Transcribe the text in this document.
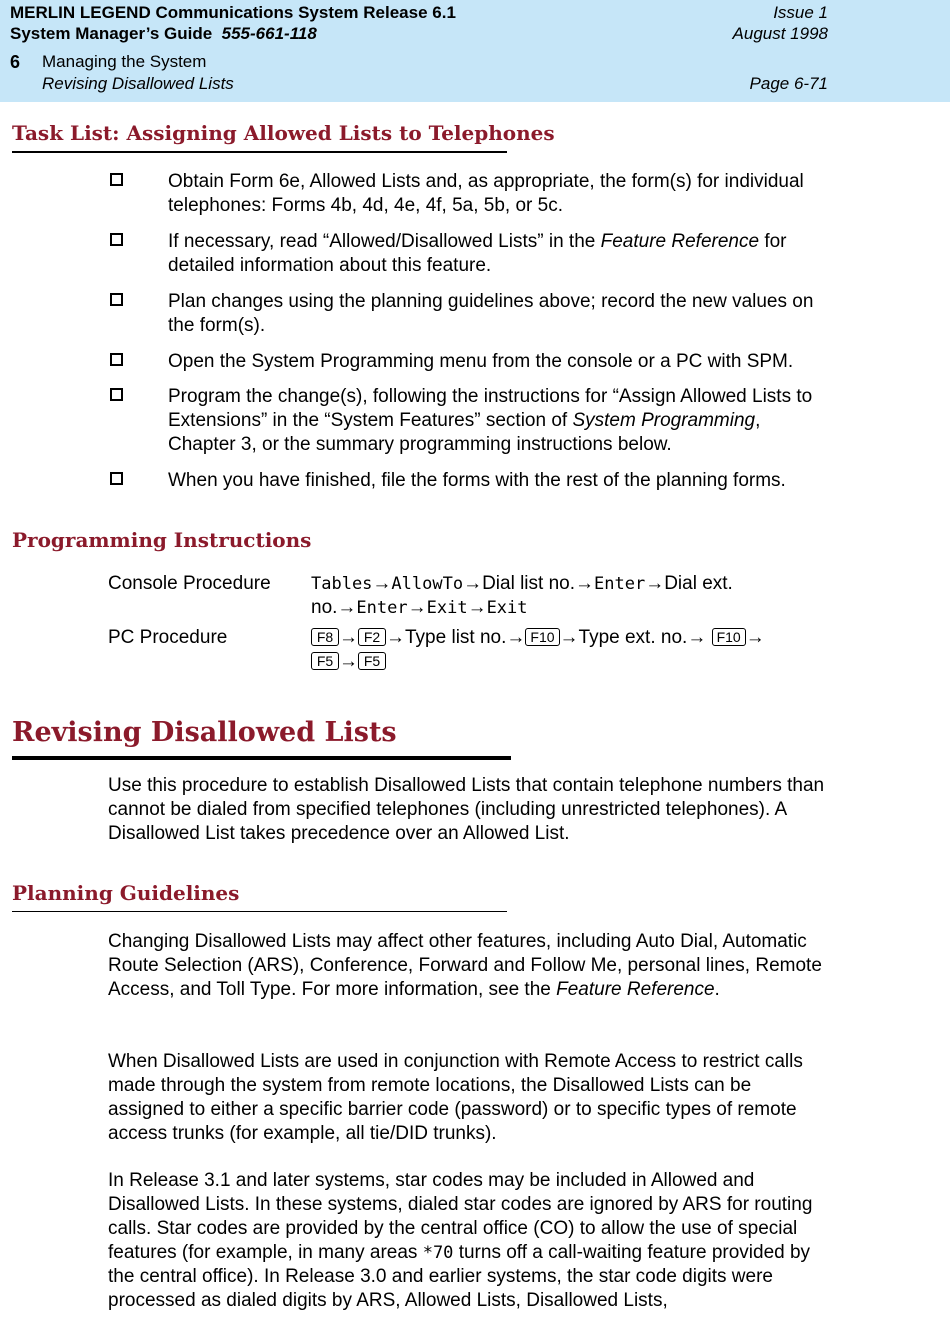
MERLIN LEGEND Communications System Release 6.1
System Manager’s Guide 555-661-118
Issue 1
August 1998
6 Managing the System
Revising Disallowed Lists	Page 6-71
Task List: Assigning Allowed Lists to Telephones
Obtain Form 6e, Allowed Lists and, as appropriate, the form(s) for individual telephones: Forms 4b, 4d, 4e, 4f, 5a, 5b, or 5c.
If necessary, read “Allowed/Disallowed Lists” in the Feature Reference for detailed information about this feature.
Plan changes using the planning guidelines above; record the new values on the form(s).
Open the System Programming menu from the console or a PC with SPM.
Program the change(s), following the instructions for “Assign Allowed Lists to Extensions” in the “System Features” section of System Programming, Chapter 3, or the summary programming instructions below.
When you have finished, file the forms with the rest of the planning forms.
Programming Instructions
Console Procedure Tables→AllowTo→Dial list no.→Enter→Dial ext.
no.→Enter→Exit→Exit
PC Procedure	F8 → F2 →Type list no.→ F10 →Type ext. no.→ F10 →
F5 → F5
Revising Disallowed Lists
Use this procedure to establish Disallowed Lists that contain telephone numbers than cannot be dialed from specified telephones (including unrestricted telephones). A Disallowed List takes precedence over an Allowed List.
Planning Guidelines
Changing Disallowed Lists may affect other features, including Auto Dial, Automatic Route Selection (ARS), Conference, Forward and Follow Me, personal lines, Remote Access, and Toll Type. For more information, see the Feature Reference.
When Disallowed Lists are used in conjunction with Remote Access to restrict calls made through the system from remote locations, the Disallowed Lists can be assigned to either a specific barrier code (password) or to specific types of remote access trunks (for example, all tie/DID trunks).
In Release 3.1 and later systems, star codes may be included in Allowed and Disallowed Lists. In these systems, dialed star codes are ignored by ARS for routing calls. Star codes are provided by the central office (CO) to allow the use of special features (for example, in many areas *70 turns off a call-waiting feature provided by the central office). In Release 3.0 and earlier systems, the star code digits were processed as dialed digits by ARS, Allowed Lists, Disallowed Lists,
